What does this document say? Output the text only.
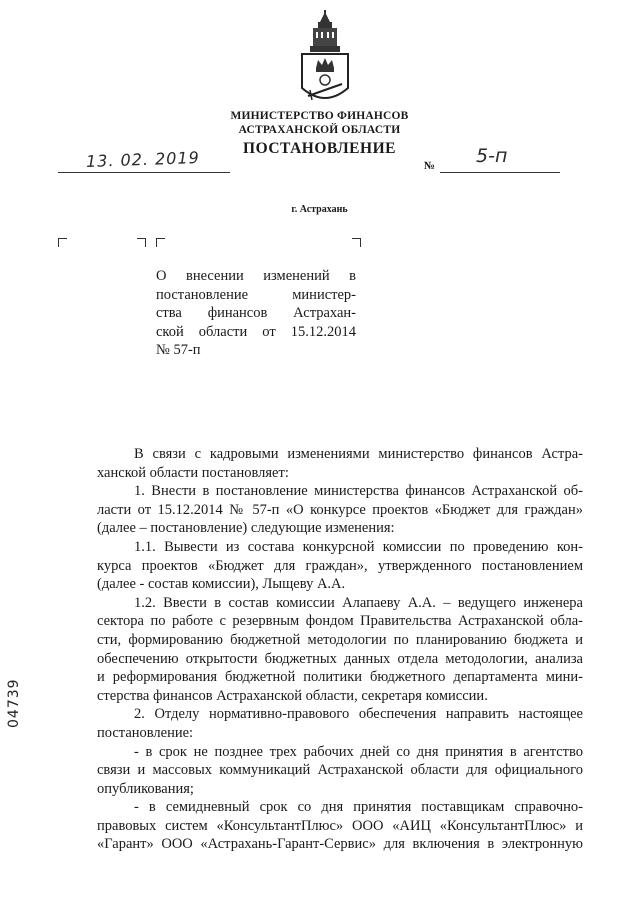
МИНИСТЕРСТВО ФИНАНСОВ
АСТРАХАНСКОЙ ОБЛАСТИ
ПОСТАНОВЛЕНИЕ
13. 02. 2019	№ 5-п
г. Астрахань
О внесении изменений в
постановление министер-
ства финансов Астрахан-
ской области от 15.12.2014
№ 57-п
В связи с кадровыми изменениями министерство финансов Астра-
ханской области постановляет:
1. Внести в постановление министерства финансов Астраханской об-
ласти от 15.12.2014 № 57-п «О конкурсе проектов «Бюджет для граждан»
(далее – постановление) следующие изменения:
1.1. Вывести из состава конкурсной комиссии по проведению кон-
курса проектов «Бюджет для граждан», утвержденного постановлением
(далее - состав комиссии), Лыщеву А.А.
1.2. Ввести в состав комиссии Алапаеву А.А. – ведущего инженера
сектора по работе с резервным фондом Правительства Астраханской обла-
сти, формированию бюджетной методологии по планированию бюджета и
обеспечению открытости бюджетных данных отдела методологии, анализа
и реформирования бюджетной политики бюджетного департамента мини-
стерства финансов Астраханской области, секретаря комиссии.
2. Отделу нормативно-правового обеспечения направить настоящее
постановление:
- в срок не позднее трех рабочих дней со дня принятия в агентство
связи и массовых коммуникаций Астраханской области для официального
опубликования;
- в семидневный срок со дня принятия поставщикам справочно-
правовых систем «КонсультантПлюс» ООО «АИЦ «КонсультантПлюс» и
«Гарант» ООО «Астрахань-Гарант-Сервис» для включения в электронную
04739
